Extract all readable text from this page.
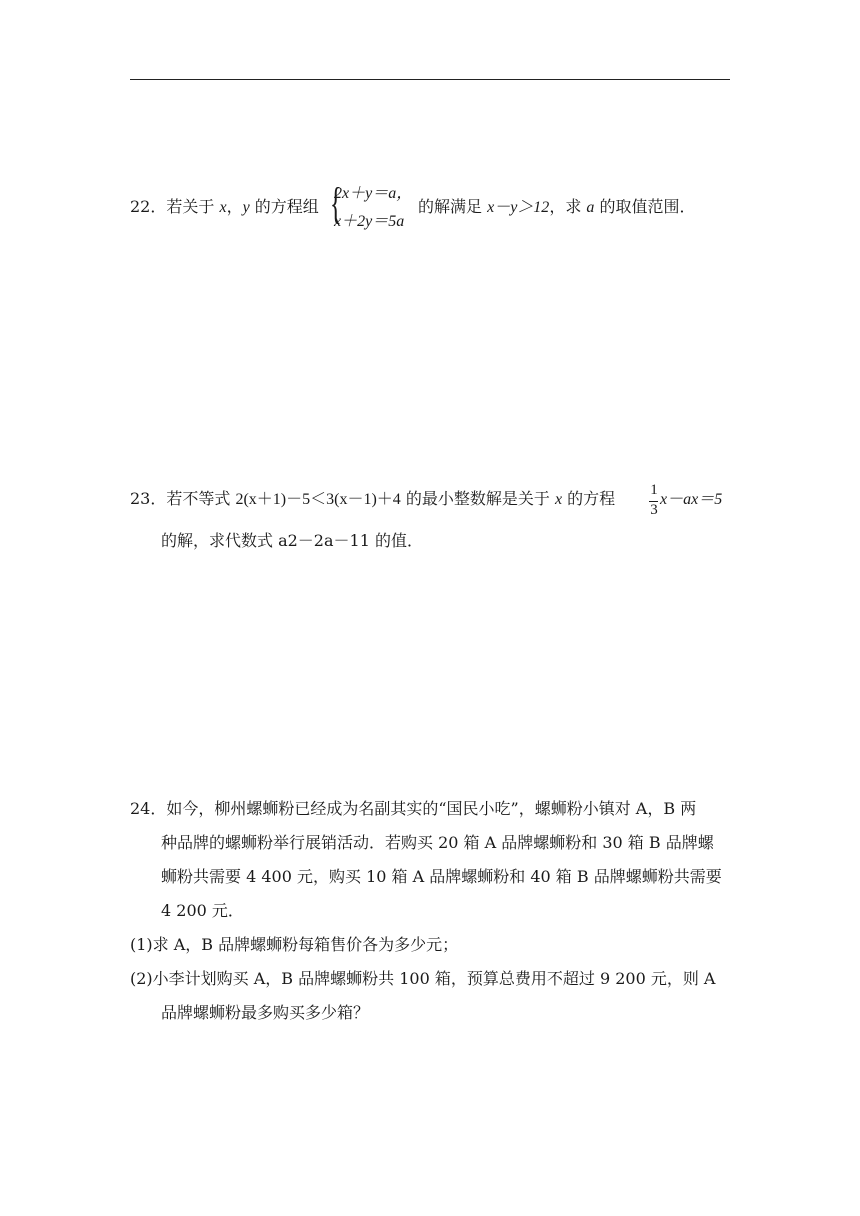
22．若关于 x，y 的方程组 {
2x＋y＝a，
x＋2y＝5a
的解满足 x－y＞12，求 a 的取值范围．
23．若不等式 2(x＋1)－5＜3(x－1)＋4 的最小整数解是关于 x 的方程 1
3
x－ax＝5
的解，求代数式 a2－2a－11 的值．
24．如今，柳州螺蛳粉已经成为名副其实的“国民小吃”，螺蛳粉小镇对 A，B 两
种品牌的螺蛳粉举行展销活动．若购买 20 箱 A 品牌螺蛳粉和 30 箱 B 品牌螺
蛳粉共需要 4 400 元，购买 10 箱 A 品牌螺蛳粉和 40 箱 B 品牌螺蛳粉共需要
4 200 元．
(1)求 A，B 品牌螺蛳粉每箱售价各为多少元；
(2)小李计划购买 A，B 品牌螺蛳粉共 100 箱，预算总费用不超过 9 200 元，则 A
品牌螺蛳粉最多购买多少箱？
